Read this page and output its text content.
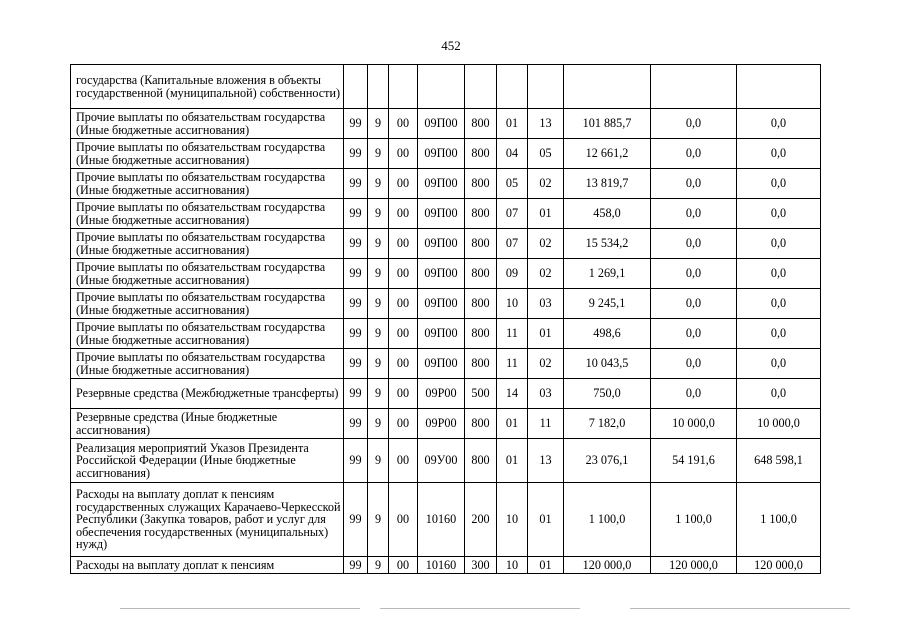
452
государства (Капитальные вложения в объекты государственной (муниципальной) собственности)										
Прочие выплаты по обязательствам государства (Иные бюджетные ассигнования)	99	9	00	09П00	800	01	13	101 885,7	0,0	0,0
Прочие выплаты по обязательствам государства (Иные бюджетные ассигнования)	99	9	00	09П00	800	04	05	12 661,2	0,0	0,0
Прочие выплаты по обязательствам государства (Иные бюджетные ассигнования)	99	9	00	09П00	800	05	02	13 819,7	0,0	0,0
Прочие выплаты по обязательствам государства (Иные бюджетные ассигнования)	99	9	00	09П00	800	07	01	458,0	0,0	0,0
Прочие выплаты по обязательствам государства (Иные бюджетные ассигнования)	99	9	00	09П00	800	07	02	15 534,2	0,0	0,0
Прочие выплаты по обязательствам государства (Иные бюджетные ассигнования)	99	9	00	09П00	800	09	02	1 269,1	0,0	0,0
Прочие выплаты по обязательствам государства (Иные бюджетные ассигнования)	99	9	00	09П00	800	10	03	9 245,1	0,0	0,0
Прочие выплаты по обязательствам государства (Иные бюджетные ассигнования)	99	9	00	09П00	800	11	01	498,6	0,0	0,0
Прочие выплаты по обязательствам государства (Иные бюджетные ассигнования)	99	9	00	09П00	800	11	02	10 043,5	0,0	0,0
Резервные средства (Межбюджетные трансферты)	99	9	00	09Р00	500	14	03	750,0	0,0	0,0
Резервные средства (Иные бюджетные ассигнования)	99	9	00	09Р00	800	01	11	7 182,0	10 000,0	10 000,0
Реализация мероприятий Указов Президента Российской Федерации (Иные бюджетные ассигнования)	99	9	00	09У00	800	01	13	23 076,1	54 191,6	648 598,1
Расходы на выплату доплат к пенсиям государственных служащих Карачаево-Черкесской Республики (Закупка товаров, работ и услуг для обеспечения государственных (муниципальных) нужд)	99	9	00	10160	200	10	01	1 100,0	1 100,0	1 100,0
Расходы на выплату доплат к пенсиям	99	9	00	10160	300	10	01	120 000,0	120 000,0	120 000,0
